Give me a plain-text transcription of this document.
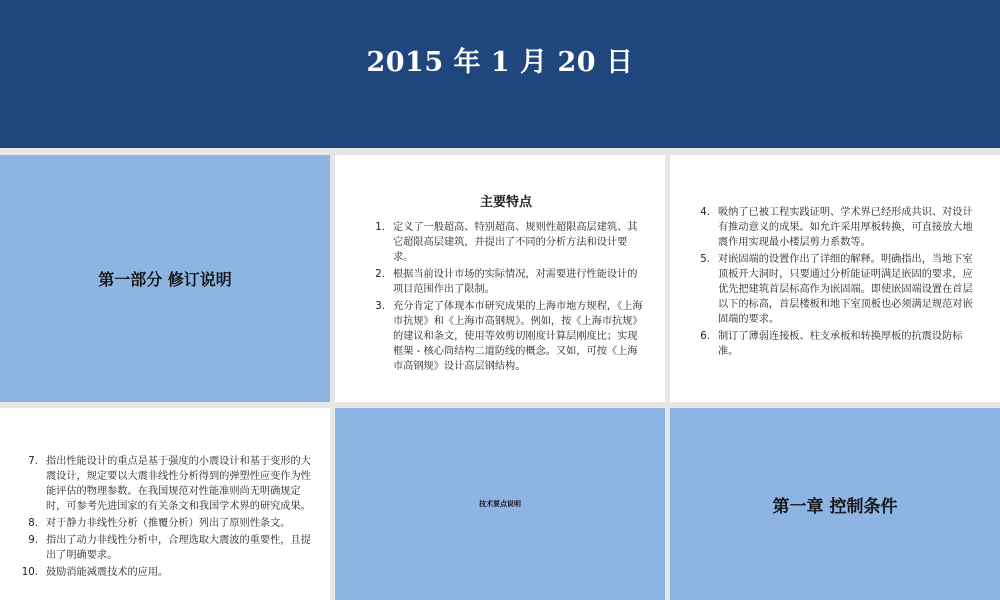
2015 年 1 月 20 日
第一部分 修订说明
主要特点
1. 定义了一般超高、特别超高、规则性超限高层建筑、其它超限高层建筑，并提出了不同的分析方法和设计要求。
2. 根据当前设计市场的实际情况，对需要进行性能设计的项目范围作出了限制。
3. 充分肯定了体现本市研究成果的上海市地方规程，《上海市抗规》和《上海市高钢规》。例如，按《上海市抗规》的建议和条文，使用等效剪切刚度计算层刚度比；实现框架 - 核心筒结构二道防线的概念。又如，可按《上海市高钢规》设计高层钢结构。
4. 吸纳了已被工程实践证明、学术界已经形成共识、对设计有推动意义的成果。如允许采用厚板转换，可直接放大地震作用实现最小楼层剪力系数等。
5. 对嵌固端的设置作出了详细的解释。明确指出，当地下室顶板开大洞时，只要通过分析能证明满足嵌固的要求，应优先把建筑首层标高作为嵌固端。即使嵌固端设置在首层以下的标高，首层楼板和地下室顶板也必须满足规范对嵌固端的要求。
6. 制订了薄弱连接板、柱支承板和转换厚板的抗震设防标准。
7. 指出性能设计的重点是基于强度的小震设计和基于变形的大震设计，规定要以大震非线性分析得到的弹塑性应变作为性能评估的物理参数。在我国规范对性能准则尚无明确规定时，可参考先进国家的有关条文和我国学术界的研究成果。
8. 对于静力非线性分析（推覆分析）列出了原则性条文。
9. 指出了动力非线性分析中，合理选取大震波的重要性，且提出了明确要求。
10. 鼓励消能减震技术的应用。
技术要点说明	第一章 控制条件
